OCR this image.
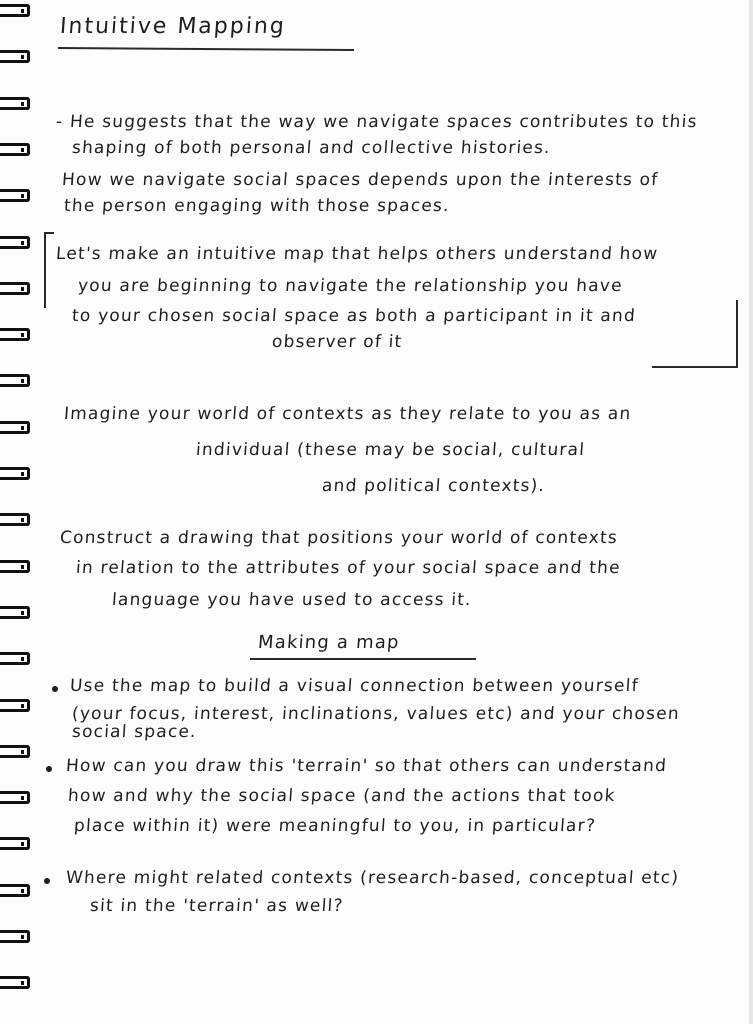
Intuitive Mapping
- He suggests that the way we navigate spaces contributes to this
shaping of both personal and collective histories.
How we navigate social spaces depends upon the interests of
the person engaging with those spaces.
Let's make an intuitive map that helps others understand how
you are beginning to navigate the relationship you have
to your chosen social space as both a participant in it and
observer of it
Imagine your world of contexts as they relate to you as an
individual (these may be social, cultural
and political contexts).
Construct a drawing that positions your world of contexts
in relation to the attributes of your social space and the
language you have used to access it.
Making a map
Use the map to build a visual connection between yourself
(your focus, interest, inclinations, values etc) and your chosen
social space.
How can you draw this 'terrain' so that others can understand
how and why the social space (and the actions that took
place within it) were meaningful to you, in particular?
Where might related contexts (research-based, conceptual etc)
sit in the 'terrain' as well?
